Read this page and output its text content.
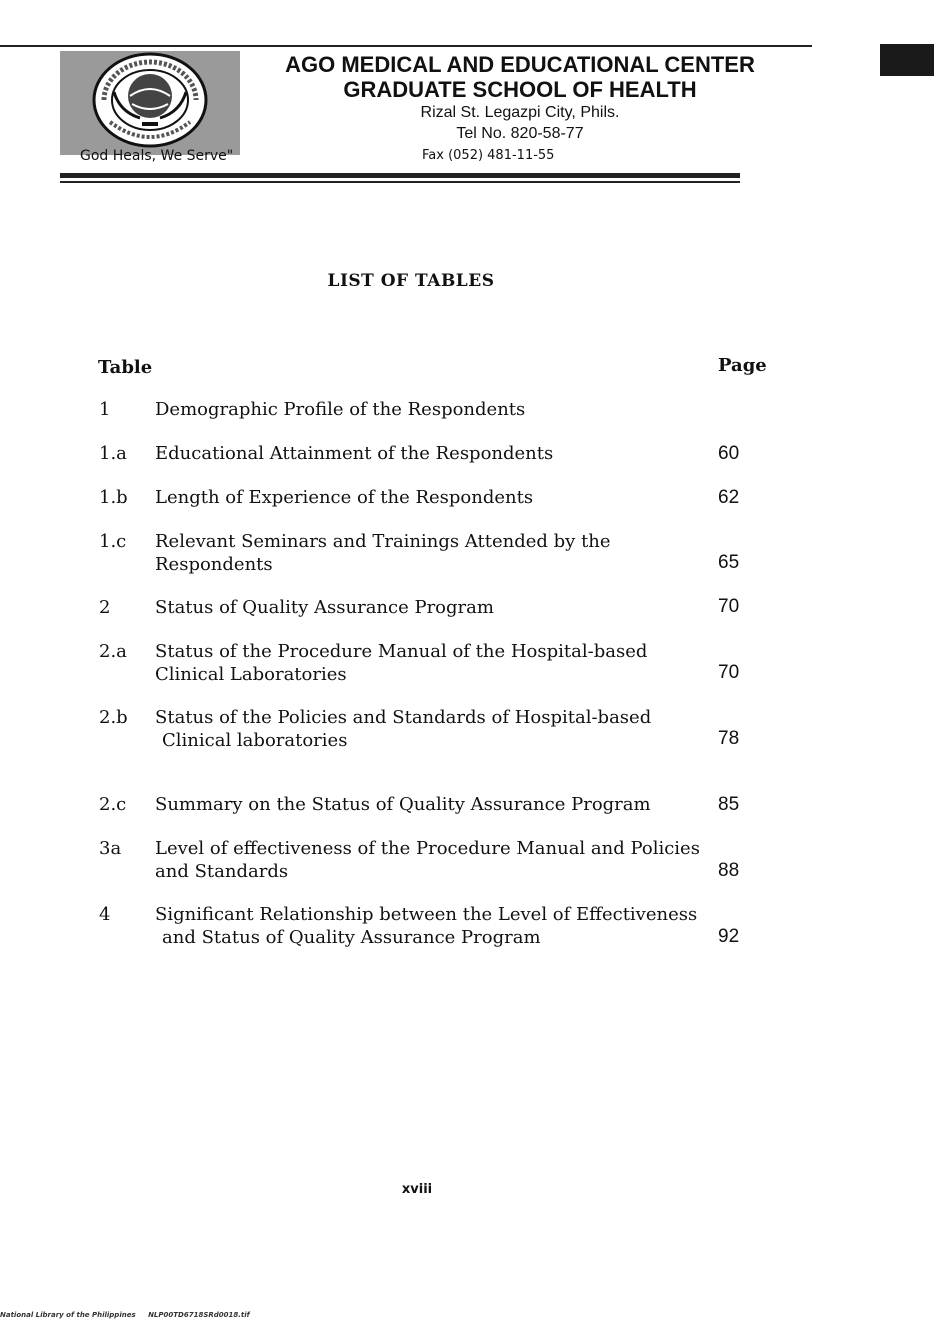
God Heals, We Serve"
AGO MEDICAL AND EDUCATIONAL CENTER
GRADUATE SCHOOL OF HEALTH
Rizal St. Legazpi City, Phils.
Tel No. 820-58-77
Fax (052) 481-11-55
LIST OF TABLES
Table	Page
1 Demographic Profile of the Respondents
1.a Educational Attainment of the Respondents	60
1.b Length of Experience of the Respondents	62
1.c Relevant Seminars and Trainings Attended by the
Respondents	65
2 Status of Quality Assurance Program	70
2.a Status of the Procedure Manual of the Hospital-based
Clinical Laboratories	70
2.b Status of the Policies and Standards of Hospital-based
Clinical laboratories	78
2.c Summary on the Status of Quality Assurance Program	85
3a Level of effectiveness of the Procedure Manual and Policies
and Standards	88
4 Significant Relationship between the Level of Effectiveness
and Status of Quality Assurance Program	92
xviii
National Library of the Philippines NLP00TD6718SRd0018.tif
